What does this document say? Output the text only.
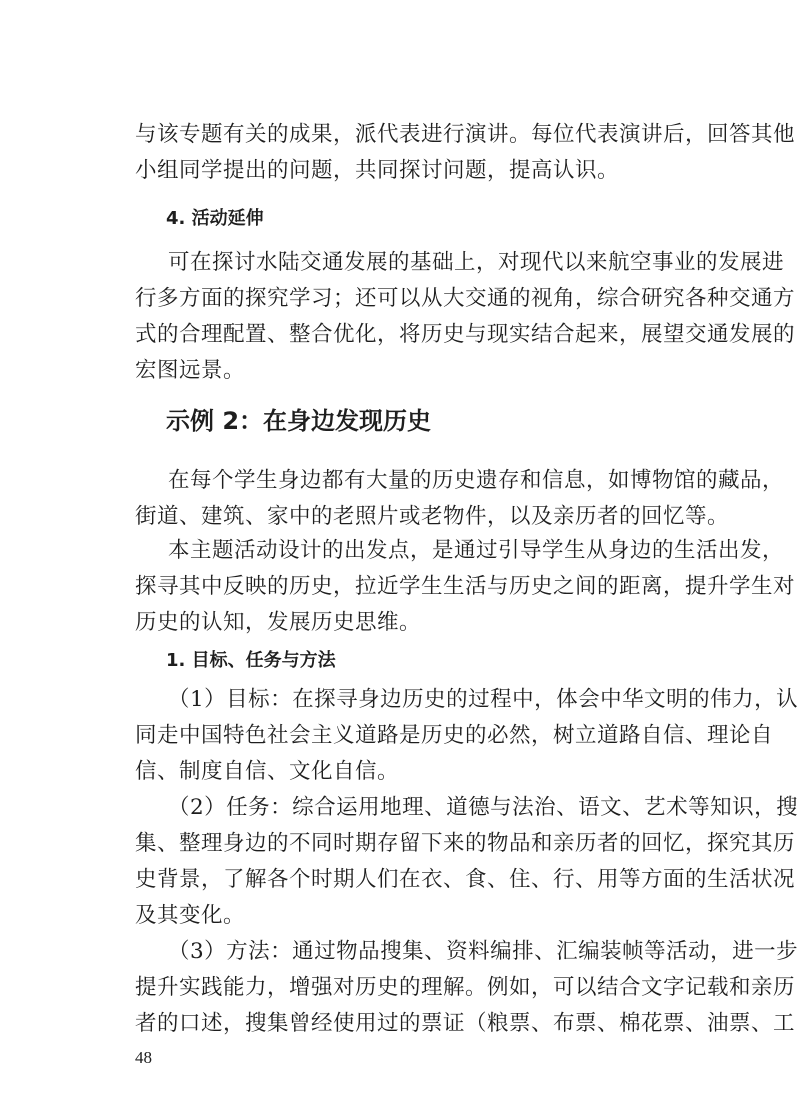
与该专题有关的成果，派代表进行演讲。每位代表演讲后，回答其他
小组同学提出的问题，共同探讨问题，提高认识。
4. 活动延伸
可在探讨水陆交通发展的基础上，对现代以来航空事业的发展进
行多方面的探究学习；还可以从大交通的视角，综合研究各种交通方
式的合理配置、整合优化，将历史与现实结合起来，展望交通发展的
宏图远景。
示例 2：在身边发现历史
在每个学生身边都有大量的历史遗存和信息，如博物馆的藏品，
街道、建筑、家中的老照片或老物件，以及亲历者的回忆等。
本主题活动设计的出发点，是通过引导学生从身边的生活出发，
探寻其中反映的历史，拉近学生生活与历史之间的距离，提升学生对
历史的认知，发展历史思维。
1. 目标、任务与方法
（1）目标：在探寻身边历史的过程中，体会中华文明的伟力，认
同走中国特色社会主义道路是历史的必然，树立道路自信、理论自
信、制度自信、文化自信。
（2）任务：综合运用地理、道德与法治、语文、艺术等知识，搜
集、整理身边的不同时期存留下来的物品和亲历者的回忆，探究其历
史背景，了解各个时期人们在衣、食、住、行、用等方面的生活状况
及其变化。
（3）方法：通过物品搜集、资料编排、汇编装帧等活动，进一步
提升实践能力，增强对历史的理解。例如，可以结合文字记载和亲历
者的口述，搜集曾经使用过的票证（粮票、布票、棉花票、油票、工
48
